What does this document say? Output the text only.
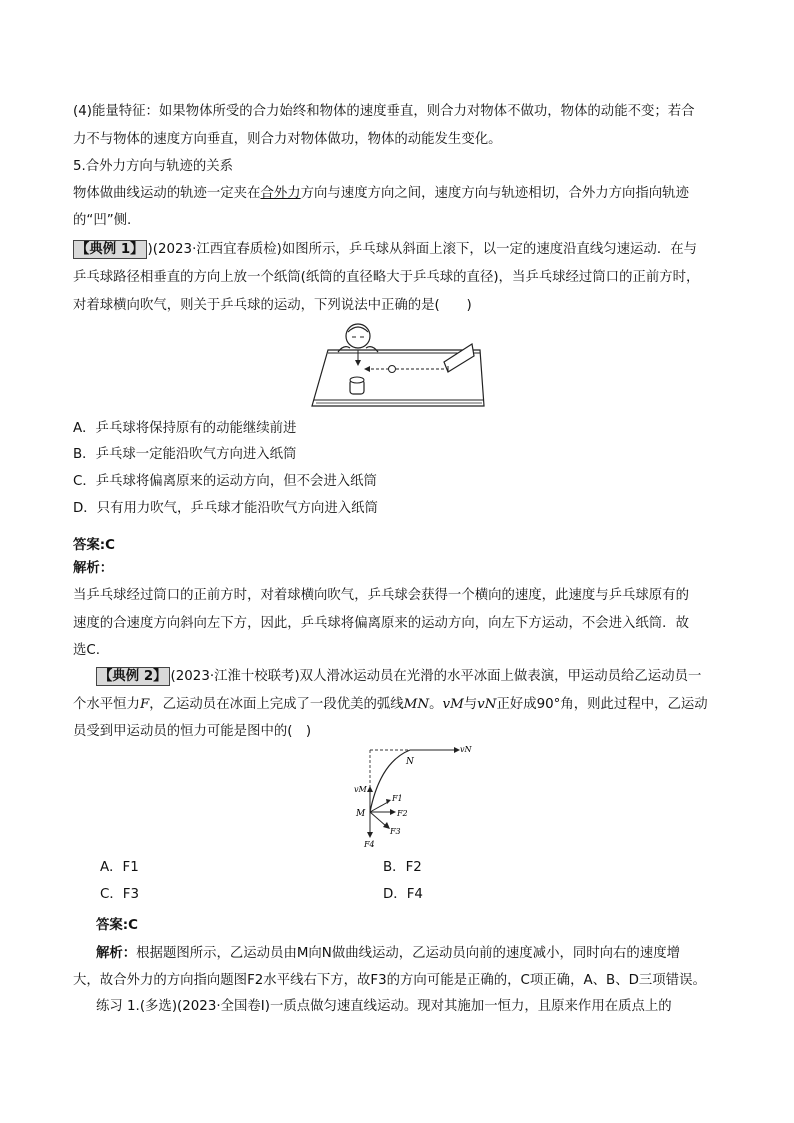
(4)能量特征：如果物体所受的合力始终和物体的速度垂直，则合力对物体不做功，物体的动能不变；若合
力不与物体的速度方向垂直，则合力对物体做功，物体的动能发生变化。
5.合外力方向与轨迹的关系
物体做曲线运动的轨迹一定夹在合外力方向与速度方向之间，速度方向与轨迹相切，合外力方向指向轨迹
的“凹”侧.
【典例 1】 )(2023·江西宜春质检)如图所示，乒乓球从斜面上滚下，以一定的速度沿直线匀速运动．在与
乒乓球路径相垂直的方向上放一个纸筒(纸筒的直径略大于乒乓球的直径)，当乒乓球经过筒口的正前方时，
对着球横向吹气，则关于乒乓球的运动，下列说法中正确的是(　　)
A．乒乓球将保持原有的动能继续前进
B．乒乓球一定能沿吹气方向进入纸筒
C．乒乓球将偏离原来的运动方向，但不会进入纸筒
D．只有用力吹气，乒乓球才能沿吹气方向进入纸筒
答案:C
解析：
当乒乓球经过筒口的正前方时，对着球横向吹气，乒乓球会获得一个横向的速度，此速度与乒乓球原有的
速度的合速度方向斜向左下方，因此，乒乓球将偏离原来的运动方向，向左下方运动，不会进入纸筒．故
选C.
【典例 2】 (2023·江淮十校联考)双人滑冰运动员在光滑的水平冰面上做表演，甲运动员给乙运动员一
个水平恒力F，乙运动员在冰面上完成了一段优美的弧线MN。vM与vN正好成90°角，则此过程中，乙运动
员受到甲运动员的恒力可能是图中的(　)
vN
N
vM
M
F1
F2
F3
F4
A．F1	B．F2
C．F3	D．F4
答案:C
解析：根据题图所示，乙运动员由M向N做曲线运动，乙运动员向前的速度减小，同时向右的速度增
大，故合外力的方向指向题图F2水平线右下方，故F3的方向可能是正确的，C项正确，A、B、D三项错误。
练习 1.(多选)(2023·全国卷Ⅰ)一质点做匀速直线运动。现对其施加一恒力，且原来作用在质点上的
